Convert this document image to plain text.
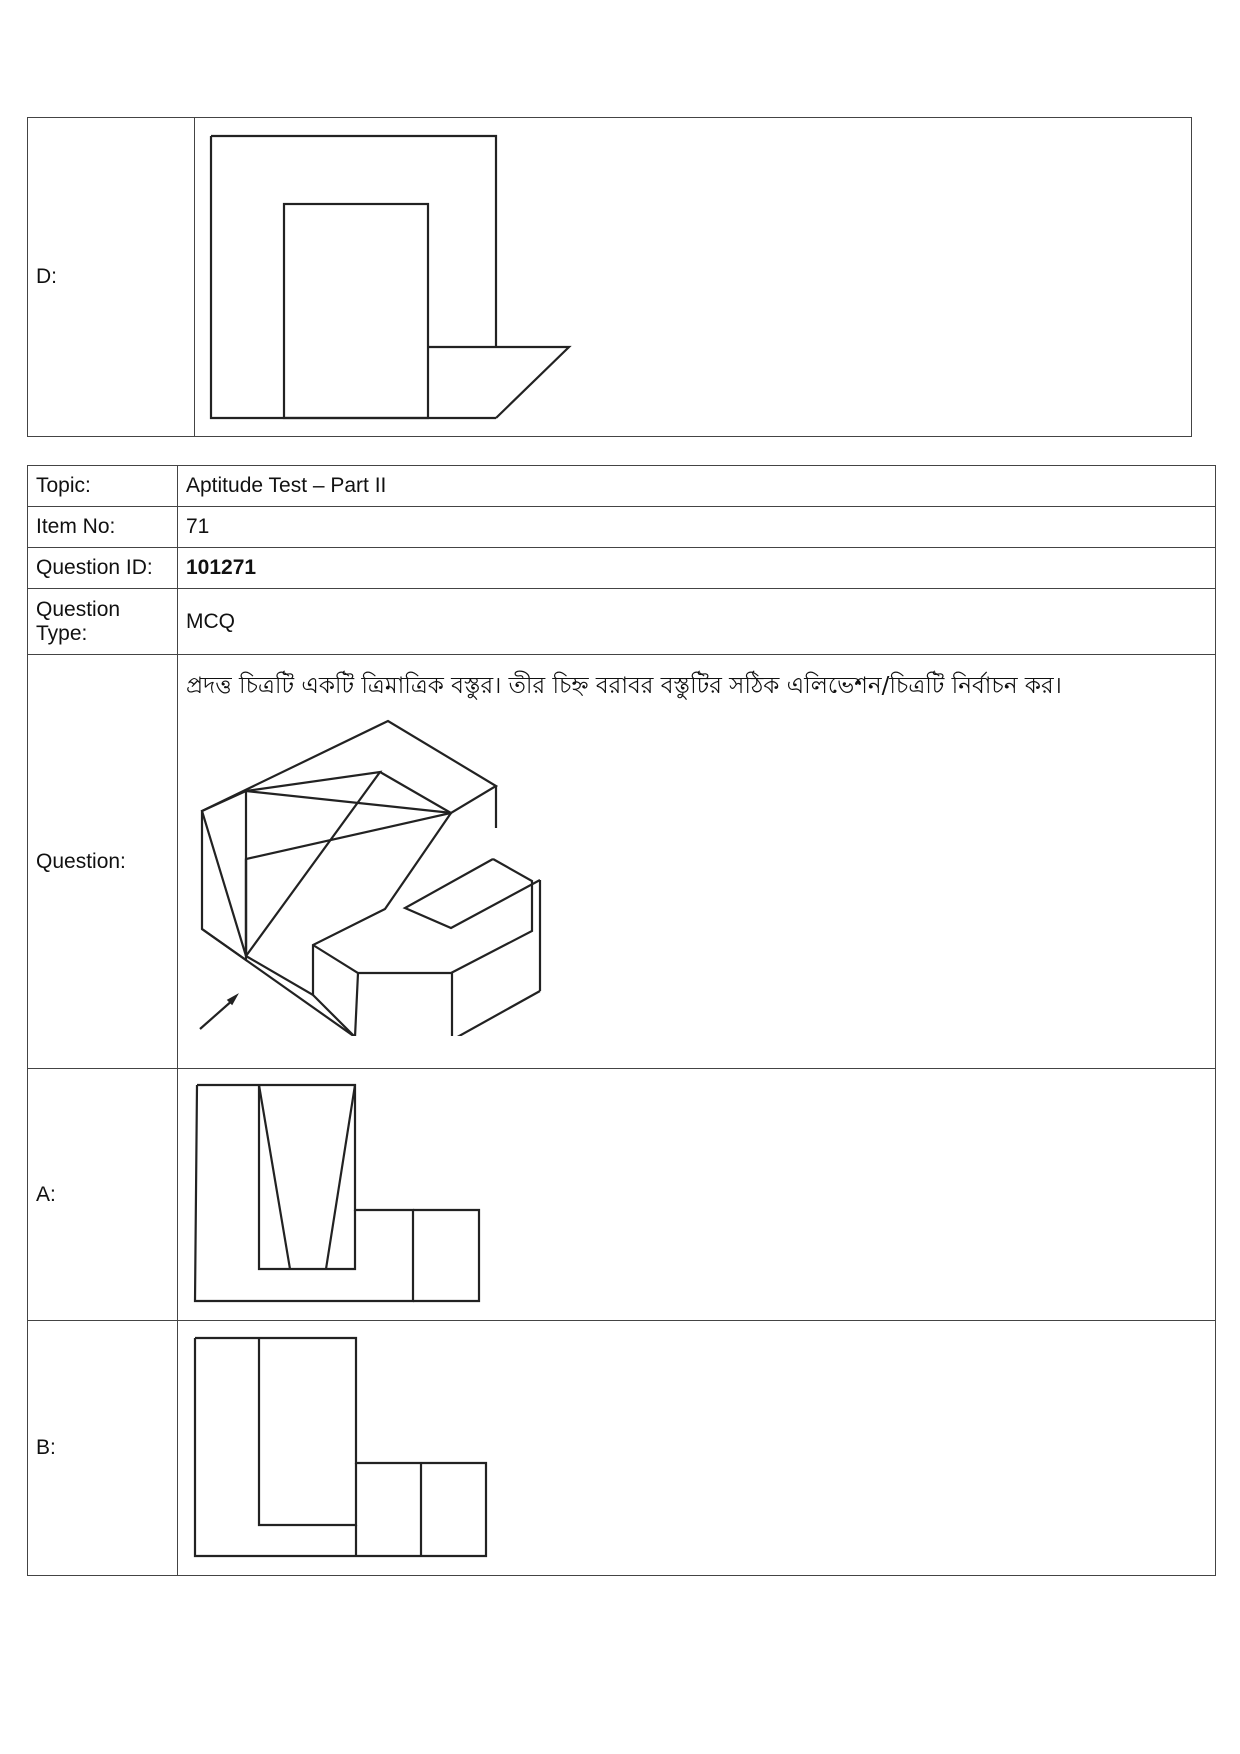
D:	
Topic:	Aptitude Test – Part II
Item No:	71
Question ID:	101271
Question Type:	MCQ
Question:	প্রদত্ত চিত্রটি একটি ত্রিমাত্রিক বস্তুর। তীর চিহ্ন বরাবর বস্তুটির সঠিক এলিভেশন/চিত্রটি নির্বাচন কর।

A:	

B:	
